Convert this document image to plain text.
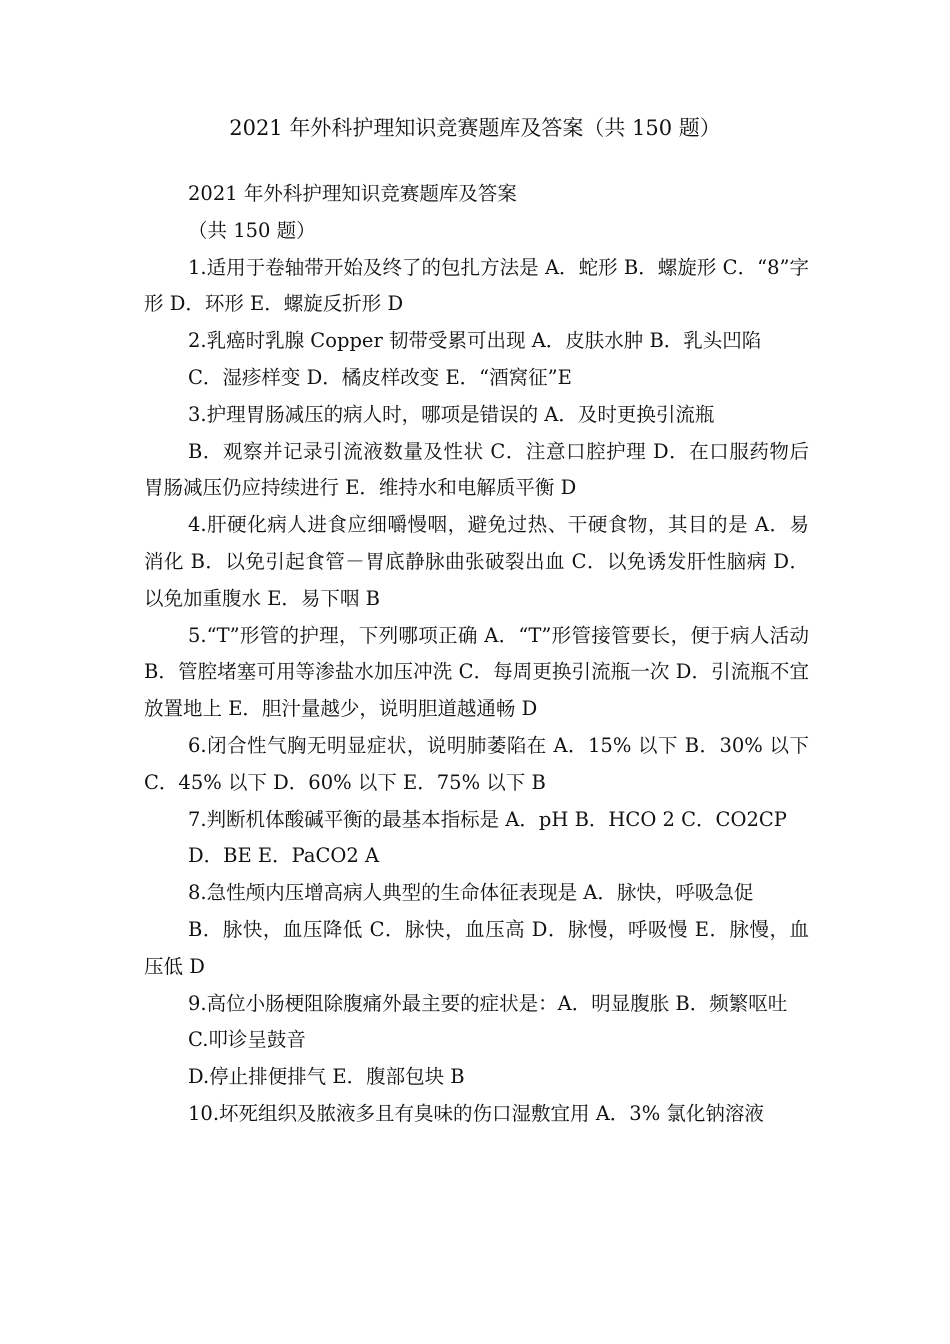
2021 年外科护理知识竞赛题库及答案（共 150 题）

2021 年外科护理知识竞赛题库及答案

（共 150 题）

1.适用于卷轴带开始及终了的包扎方法是 A．蛇形 B．螺旋形 C．“8”字形 D．环形 E．螺旋反折形 D

2.乳癌时乳腺 Copper 韧带受累可出现 A．皮肤水肿 B．乳头凹陷

C．湿疹样变 D．橘皮样改变 E．“酒窝征”E

3.护理胃肠减压的病人时，哪项是错误的 A．及时更换引流瓶

B．观察并记录引流液数量及性状 C．注意口腔护理 D．在口服药物后胃肠减压仍应持续进行 E．维持水和电解质平衡 D

4.肝硬化病人进食应细嚼慢咽，避免过热、干硬食物，其目的是 A．易消化 B．以免引起食管－胃底静脉曲张破裂出血 C．以免诱发肝性脑病 D．以免加重腹水 E．易下咽 B

5.“T”形管的护理，下列哪项正确 A．“T”形管接管要长，便于病人活动 B．管腔堵塞可用等渗盐水加压冲洗 C．每周更换引流瓶一次 D．引流瓶不宜放置地上 E．胆汁量越少，说明胆道越通畅 D

6.闭合性气胸无明显症状，说明肺萎陷在 A．15% 以下 B．30% 以下 C．45% 以下 D．60% 以下 E．75% 以下 B

7.判断机体酸碱平衡的最基本指标是 A．pH B．HCO 2 C．CO2CP

D．BE E．PaCO2 A

8.急性颅内压增高病人典型的生命体征表现是 A．脉快，呼吸急促

B．脉快，血压降低 C．脉快，血压高 D．脉慢，呼吸慢 E．脉慢，血压低 D

9.高位小肠梗阻除腹痛外最主要的症状是：A．明显腹胀 B．频繁呕吐

C.叩诊呈鼓音

D.停止排便排气 E．腹部包块 B

10.坏死组织及脓液多且有臭味的伤口湿敷宜用 A．3% 氯化钠溶液
